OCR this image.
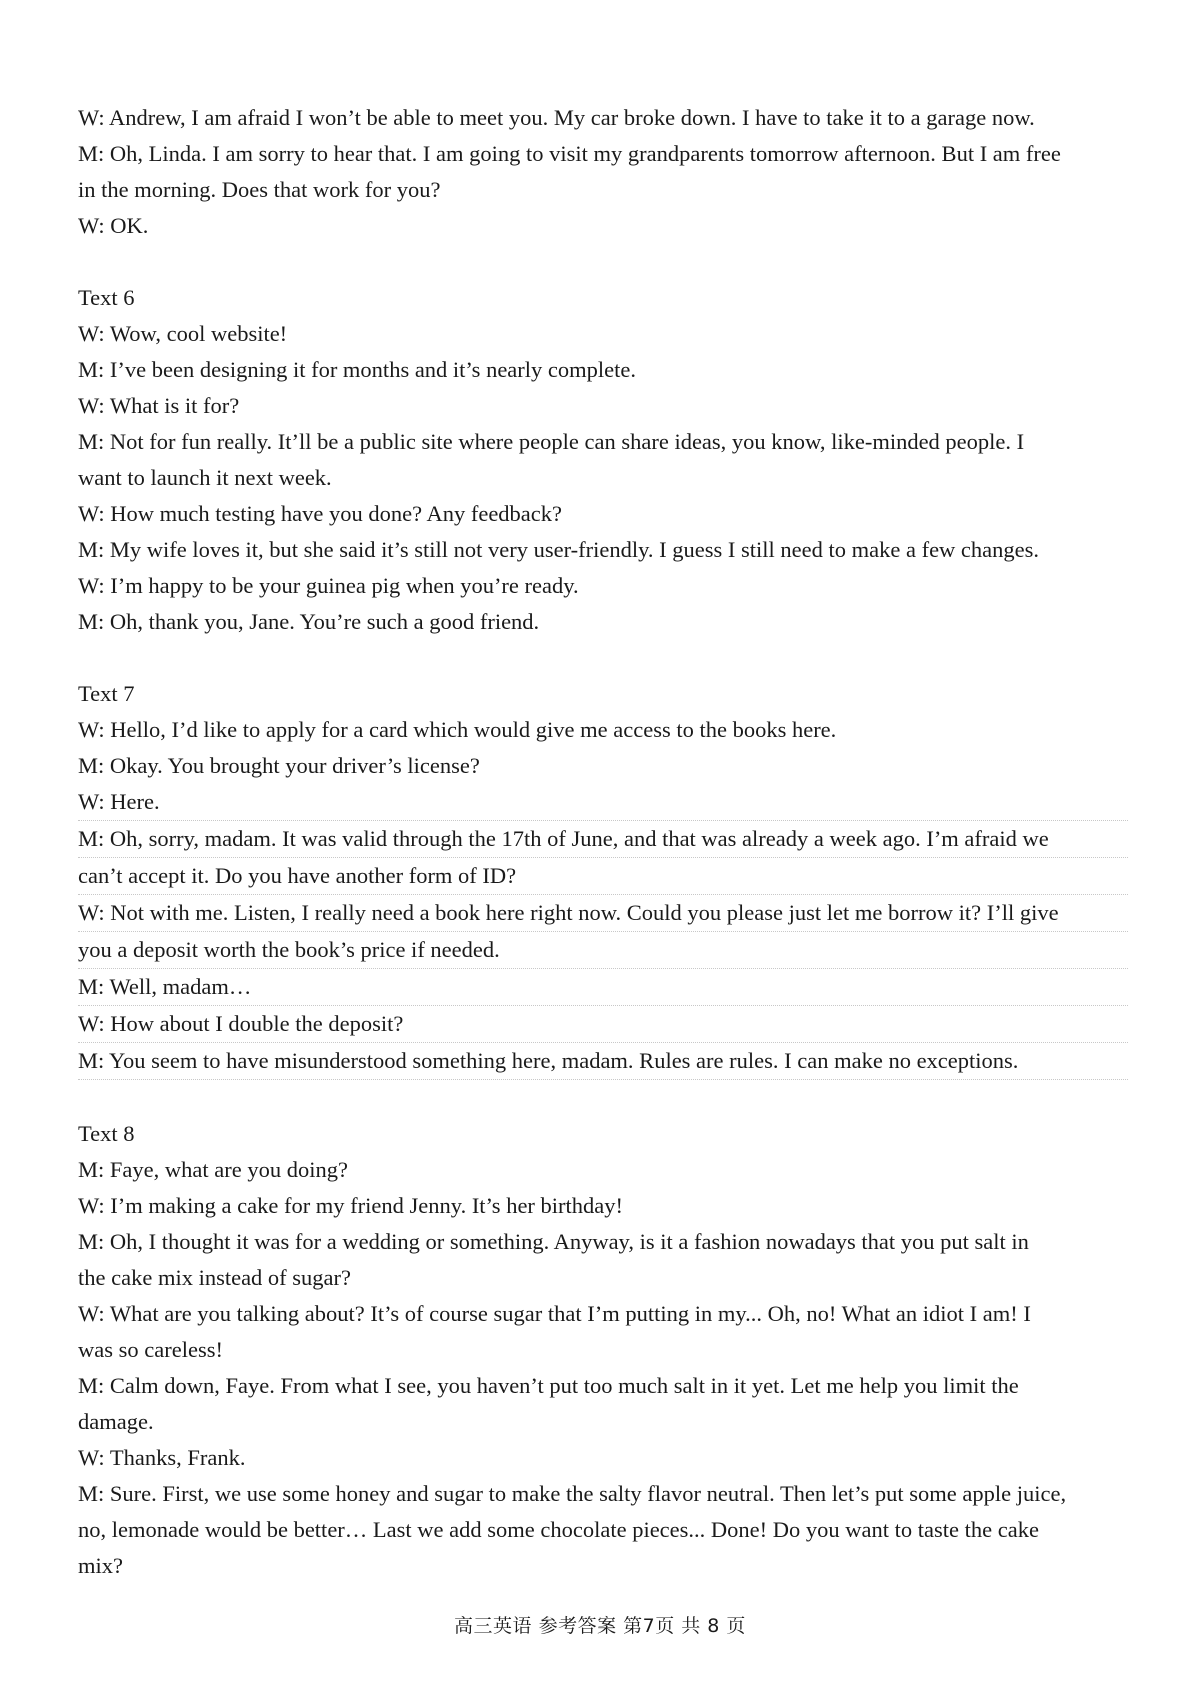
W: Andrew, I am afraid I won’t be able to meet you. My car broke down. I have to take it to a garage now.
M: Oh, Linda. I am sorry to hear that. I am going to visit my grandparents tomorrow afternoon. But I am free
in the morning. Does that work for you?
W: OK.
Text 6
W: Wow, cool website!
M: I’ve been designing it for months and it’s nearly complete.
W: What is it for?
M: Not for fun really. It’ll be a public site where people can share ideas, you know, like-minded people. I
want to launch it next week.
W: How much testing have you done? Any feedback?
M: My wife loves it, but she said it’s still not very user-friendly. I guess I still need to make a few changes.
W: I’m happy to be your guinea pig when you’re ready.
M: Oh, thank you, Jane. You’re such a good friend.
Text 7
W: Hello, I’d like to apply for a card which would give me access to the books here.
M: Okay. You brought your driver’s license?
W: Here.
M: Oh, sorry, madam. It was valid through the 17th of June, and that was already a week ago. I’m afraid we
can’t accept it. Do you have another form of ID?
W: Not with me. Listen, I really need a book here right now. Could you please just let me borrow it? I’ll give
you a deposit worth the book’s price if needed.
M: Well, madam…
W: How about I double the deposit?
M: You seem to have misunderstood something here, madam. Rules are rules. I can make no exceptions.
Text 8
M: Faye, what are you doing?
W: I’m making a cake for my friend Jenny. It’s her birthday!
M: Oh, I thought it was for a wedding or something. Anyway, is it a fashion nowadays that you put salt in
the cake mix instead of sugar?
W: What are you talking about? It’s of course sugar that I’m putting in my... Oh, no! What an idiot I am! I
was so careless!
M: Calm down, Faye. From what I see, you haven’t put too much salt in it yet. Let me help you limit the
damage.
W: Thanks, Frank.
M: Sure. First, we use some honey and sugar to make the salty flavor neutral. Then let’s put some apple juice,
no, lemonade would be better… Last we add some chocolate pieces... Done! Do you want to taste the cake
mix?
高三英语 参考答案 第7页 共 8 页
